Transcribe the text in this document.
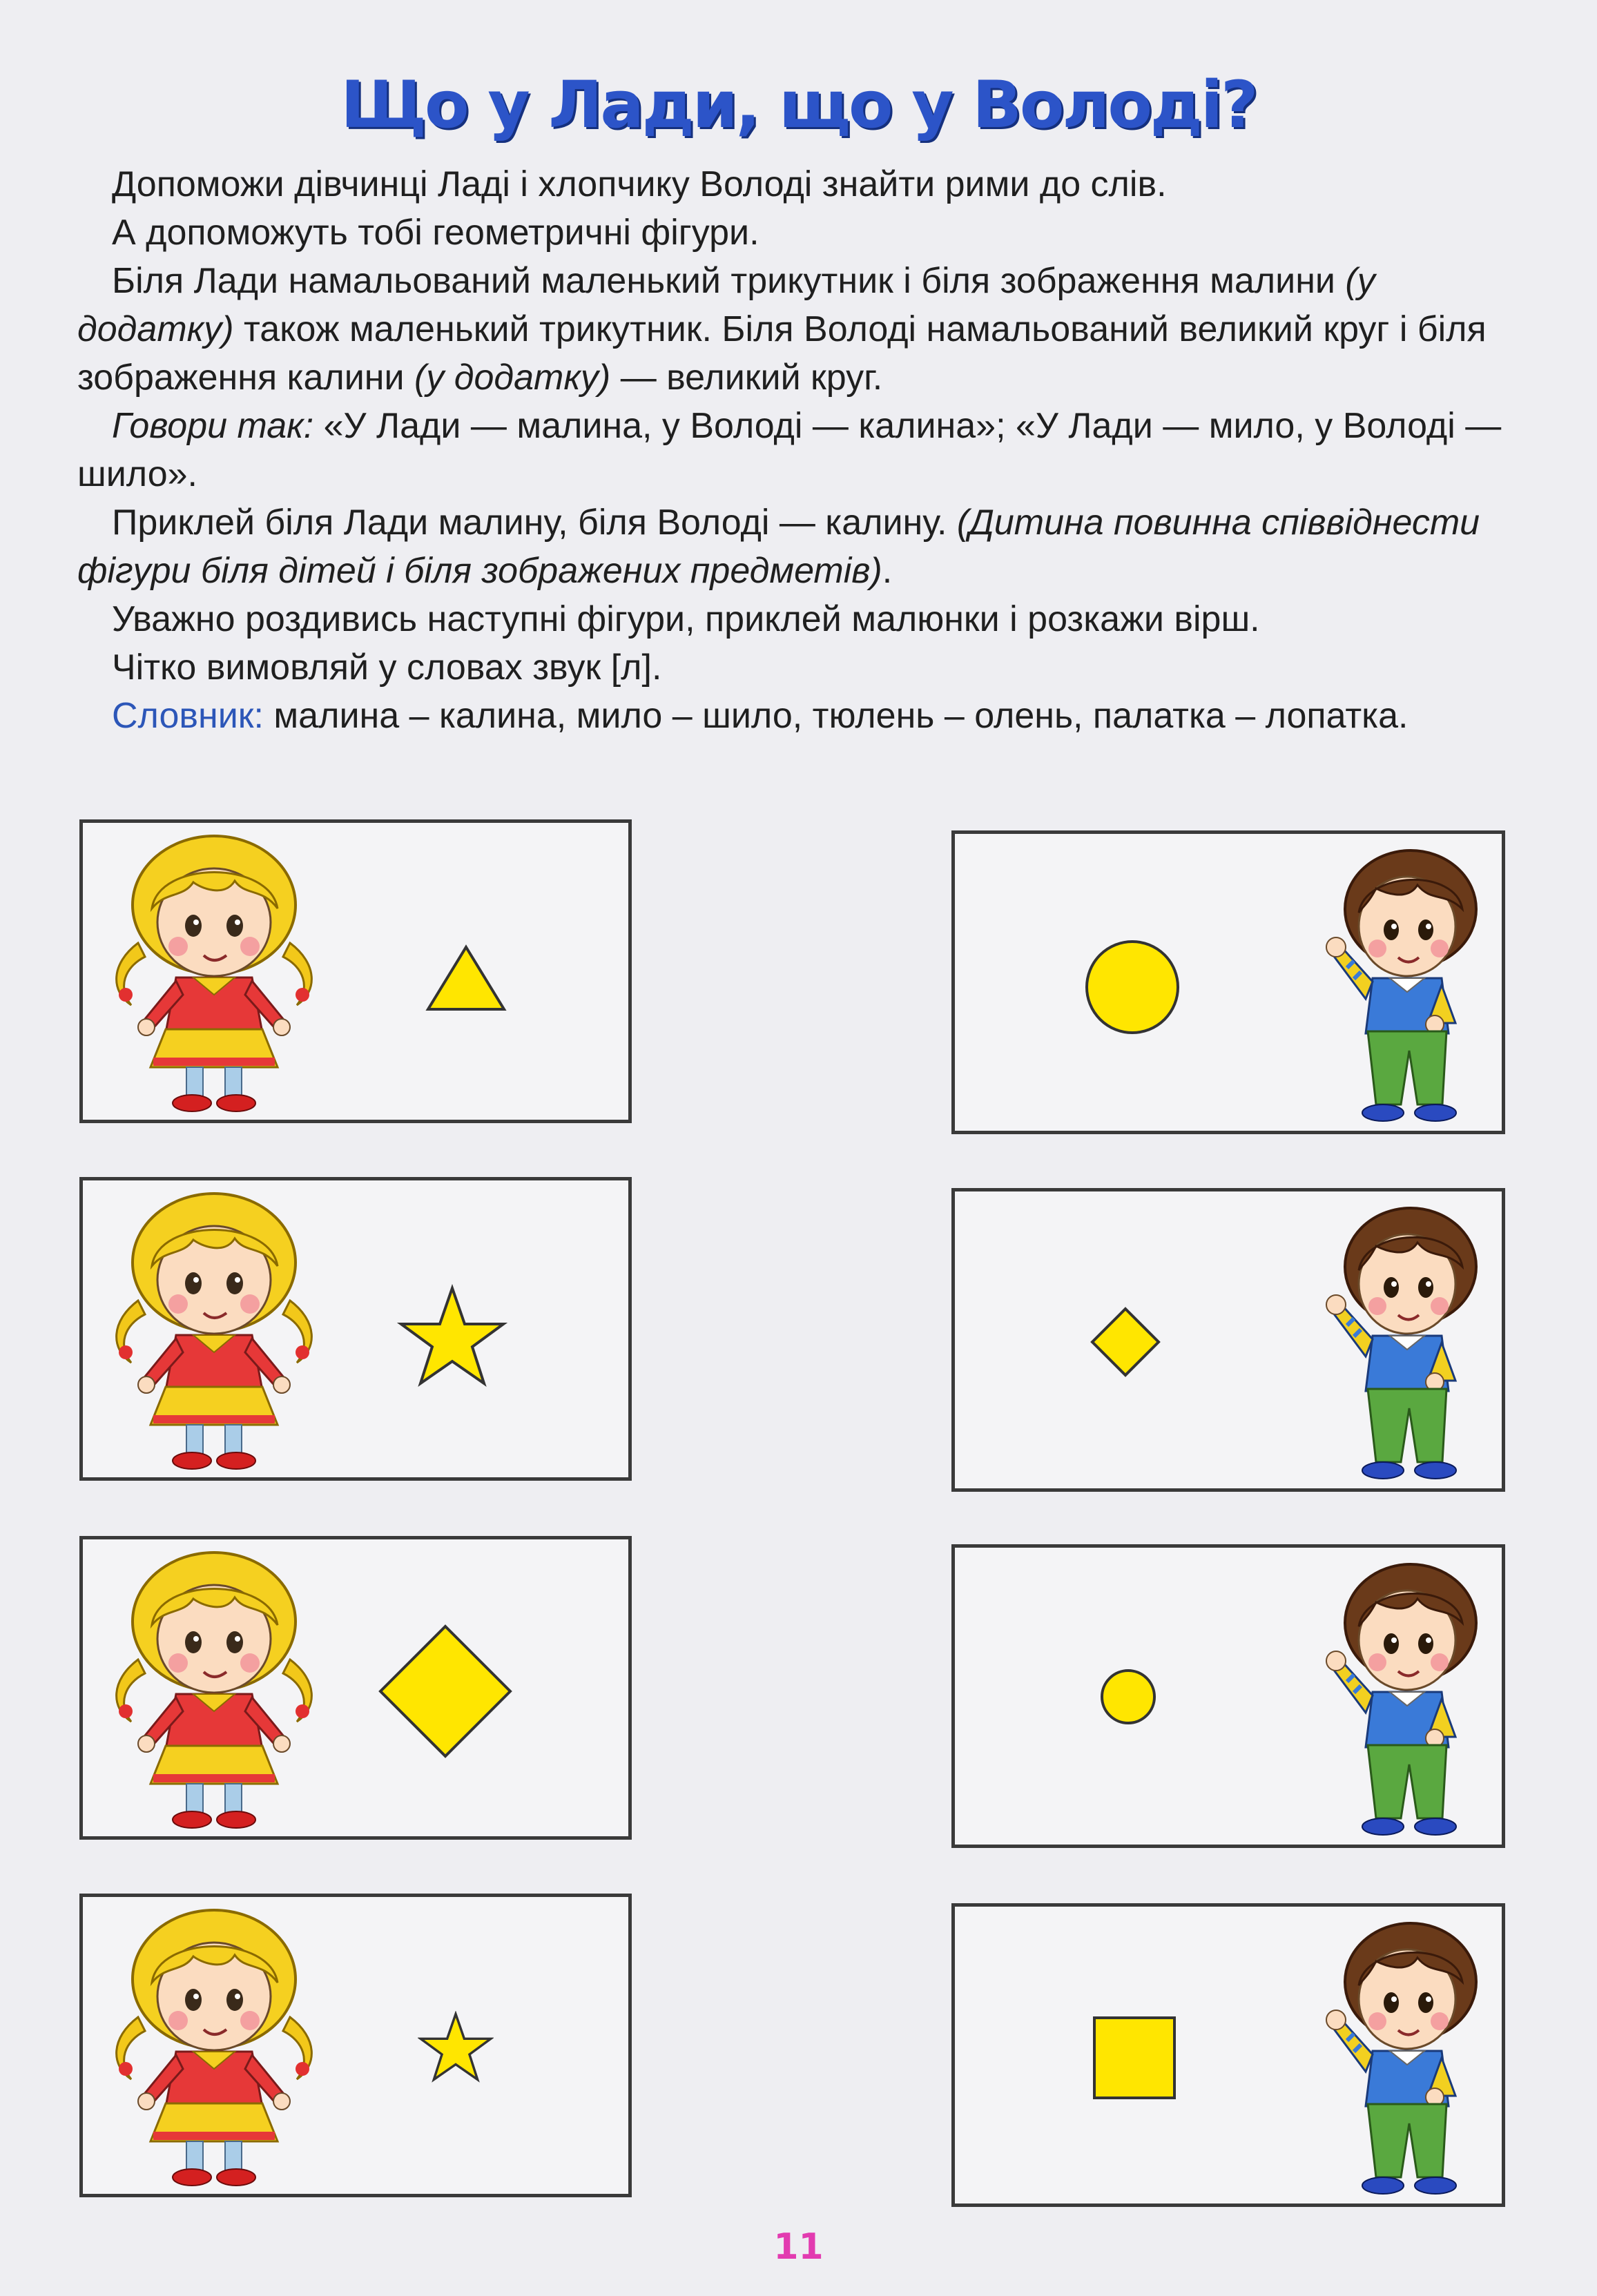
Що у Лади, що у Володі?

Допоможи дівчинці Ладі і хлопчику Володі знайти рими до слів.

А допоможуть тобі геометричні фігури.

Біля Лади намальований маленький трикутник і біля зображення малини (у додатку) також маленький трикутник. Біля Володі намальований великий круг і біля зображення калини (у додатку) — великий круг.

Говори так: «У Лади — малина, у Володі — калина»; «У Лади — мило, у Володі — шило».

Приклей біля Лади малину, біля Володі — калину. (Дитина повинна співвіднести фігури біля дітей і біля зображених предметів).

Уважно роздивись наступні фігури, приклей малюнки і розкажи вірш.

Чітко вимовляй у словах звук [л].

Словник: малина – калина, мило – шило, тюлень – олень, палатка – лопатка.

11
